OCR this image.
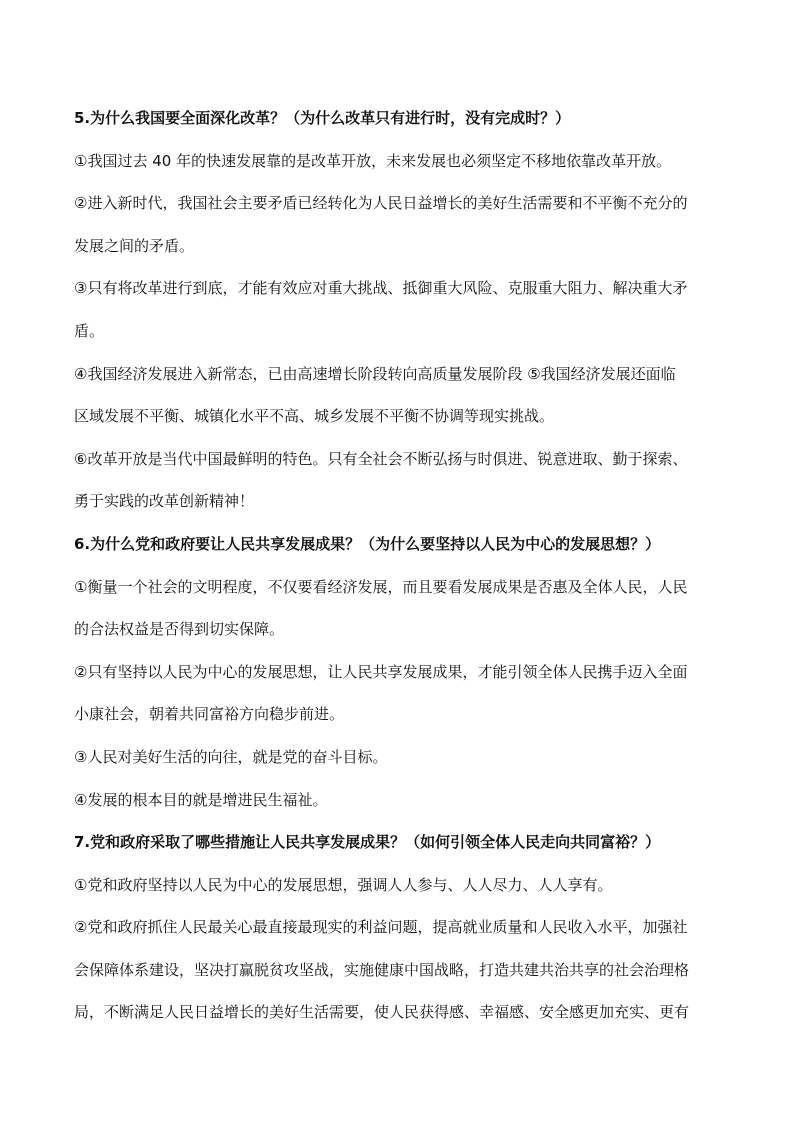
5.为什么我国要全面深化改革？（为什么改革只有进行时，没有完成时？）

①我国过去 40 年的快速发展靠的是改革开放，未来发展也必须坚定不移地依靠改革开放。

②进入新时代，我国社会主要矛盾已经转化为人民日益增长的美好生活需要和不平衡不充分的

发展之间的矛盾。

③只有将改革进行到底，才能有效应对重大挑战、抵御重大风险、克服重大阻力、解决重大矛

盾。

④我国经济发展进入新常态，已由高速增长阶段转向高质量发展阶段 ⑤我国经济发展还面临

区域发展不平衡、城镇化水平不高、城乡发展不平衡不协调等现实挑战。

⑥改革开放是当代中国最鲜明的特色。只有全社会不断弘扬与时俱进、锐意进取、勤于探索、

勇于实践的改革创新精神！

6.为什么党和政府要让人民共享发展成果？（为什么要坚持以人民为中心的发展思想？）

①衡量一个社会的文明程度，不仅要看经济发展，而且要看发展成果是否惠及全体人民，人民

的合法权益是否得到切实保障。

②只有坚持以人民为中心的发展思想，让人民共享发展成果，才能引领全体人民携手迈入全面

小康社会，朝着共同富裕方向稳步前进。

③人民对美好生活的向往，就是党的奋斗目标。

④发展的根本目的就是增进民生福祉。

7.党和政府采取了哪些措施让人民共享发展成果？（如何引领全体人民走向共同富裕？）

①党和政府坚持以人民为中心的发展思想，强调人人参与、人人尽力、人人享有。

②党和政府抓住人民最关心最直接最现实的利益问题，提高就业质量和人民收入水平，加强社

会保障体系建设，坚决打赢脱贫攻坚战，实施健康中国战略，打造共建共治共享的社会治理格

局，不断满足人民日益增长的美好生活需要，使人民获得感、幸福感、安全感更加充实、更有
